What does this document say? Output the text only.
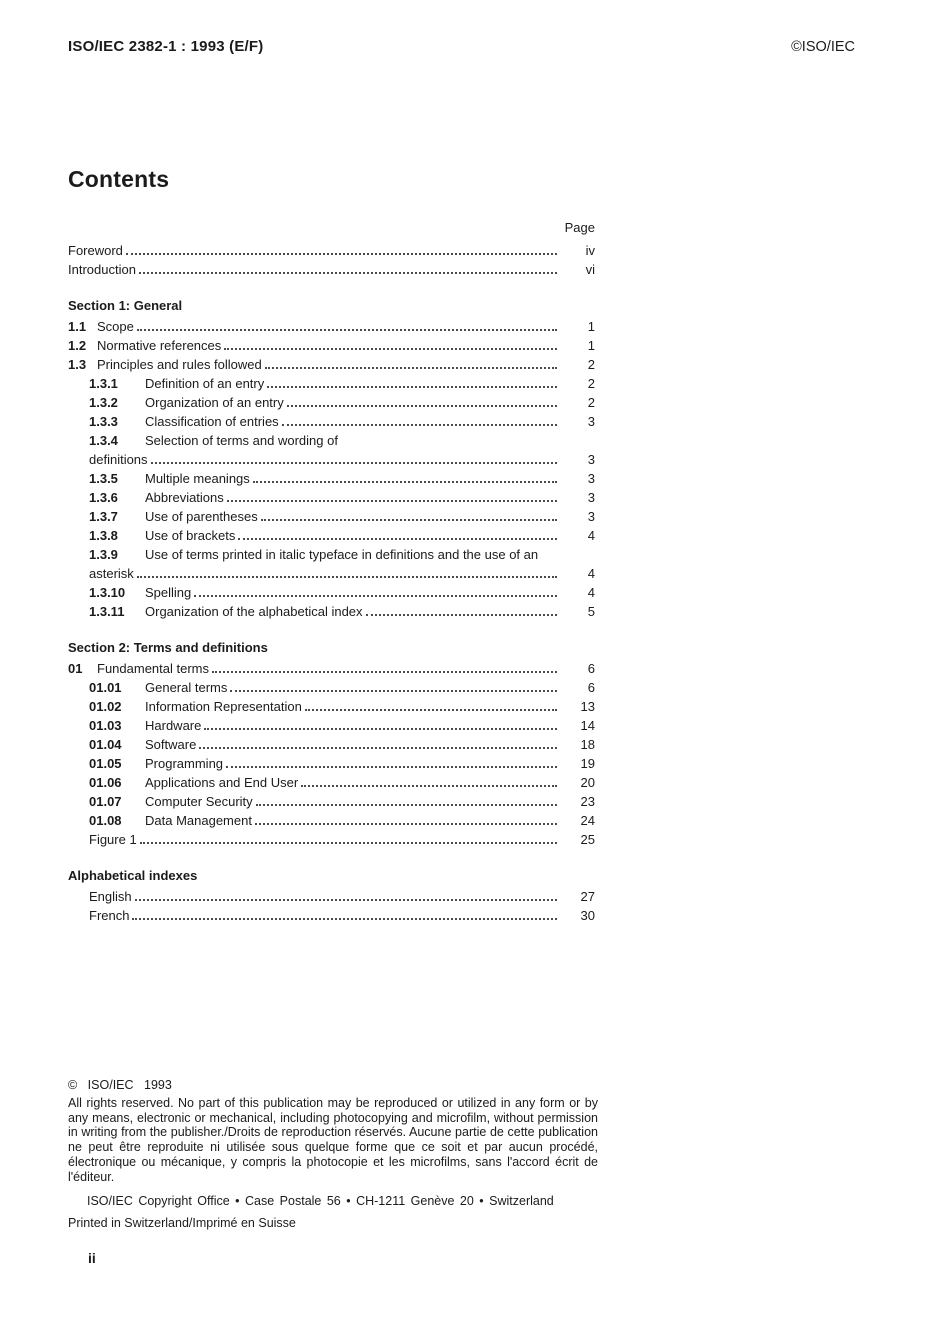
ISO/IEC 2382-1 : 1993 (E/F)	©ISO/IEC
Contents
Page
Foreword	iv
Introduction	vi
Section 1: General
1.1 Scope	1
1.2 Normative references	1
1.3 Principles and rules followed	2
1.3.1	Definition of an entry	2
1.3.2	Organization of an entry	2
1.3.3	Classification of entries	3
1.3.4	Selection of terms and wording of
definitions	3
1.3.5	Multiple meanings	3
1.3.6	Abbreviations	3
1.3.7	Use of parentheses	3
1.3.8	Use of brackets	4
1.3.9	Use of terms printed in italic typeface in definitions and the use of an
asterisk	4
1.3.10	Spelling	4
1.3.11	Organization of the alphabetical index	5
Section 2: Terms and definitions
01	Fundamental terms	6
01.01	General terms	6
01.02	Information Representation	13
01.03	Hardware	14
01.04	Software	18
01.05	Programming	19
01.06	Applications and End User	20
01.07	Computer Security	23
01.08	Data Management	24
Figure 1	25
Alphabetical indexes
English	27
French	30
© ISO/IEC 1993
All rights reserved. No part of this publication may be reproduced or utilized in any form or by any means, electronic or mechanical, including photocopying and microfilm, without permission in writing from the publisher./Droits de reproduction réservés. Aucune partie de cette publication ne peut être reproduite ni utilisée sous quelque forme que ce soit et par aucun procédé, électronique ou mécanique, y compris la photocopie et les microfilms, sans l'accord écrit de l'éditeur.
ISO/IEC Copyright Office • Case Postale 56 • CH-1211 Genève 20 • Switzerland
Printed in Switzerland/Imprimé en Suisse
ii
